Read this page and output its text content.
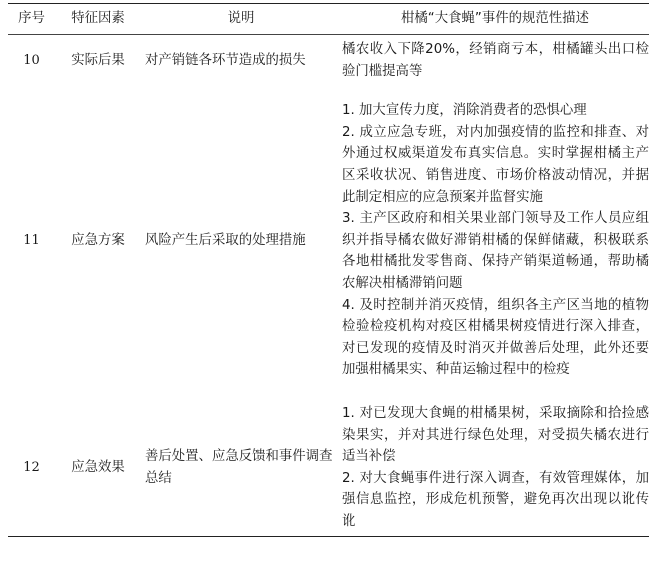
序号	特征因素	说明	柑橘“大食蝇”事件的规范性描述
10	实际后果	对产销链各环节造成的损失	橘农收入下降20%，经销商亏本，柑橘罐头出口检验门槛提高等

11	应急方案	风险产生后采取的处理措施	1. 加大宣传力度，消除消费者的恐惧心理

2. 成立应急专班，对内加强疫情的监控和排查、对外通过权威渠道发布真实信息。实时掌握柑橘主产区采收状况、销售进度、市场价格波动情况，并据此制定相应的应急预案并监督实施

3. 主产区政府和相关果业部门领导及工作人员应组织并指导橘农做好滞销柑橘的保鲜储藏，积极联系各地柑橘批发零售商、保持产销渠道畅通，帮助橘农解决柑橘滞销问题

4. 及时控制并消灭疫情，组织各主产区当地的植物检验检疫机构对疫区柑橘果树疫情进行深入排查，对已发现的疫情及时消灭并做善后处理，此外还要加强柑橘果实、种苗运输过程中的检疫

12	应急效果	善后处置、应急反馈和事件调查总结	1. 对已发现大食蝇的柑橘果树，采取摘除和拾捡感染果实，并对其进行绿色处理，对受损失橘农进行适当补偿

2. 对大食蝇事件进行深入调查，有效管理媒体，加强信息监控，形成危机预警，避免再次出现以讹传讹
